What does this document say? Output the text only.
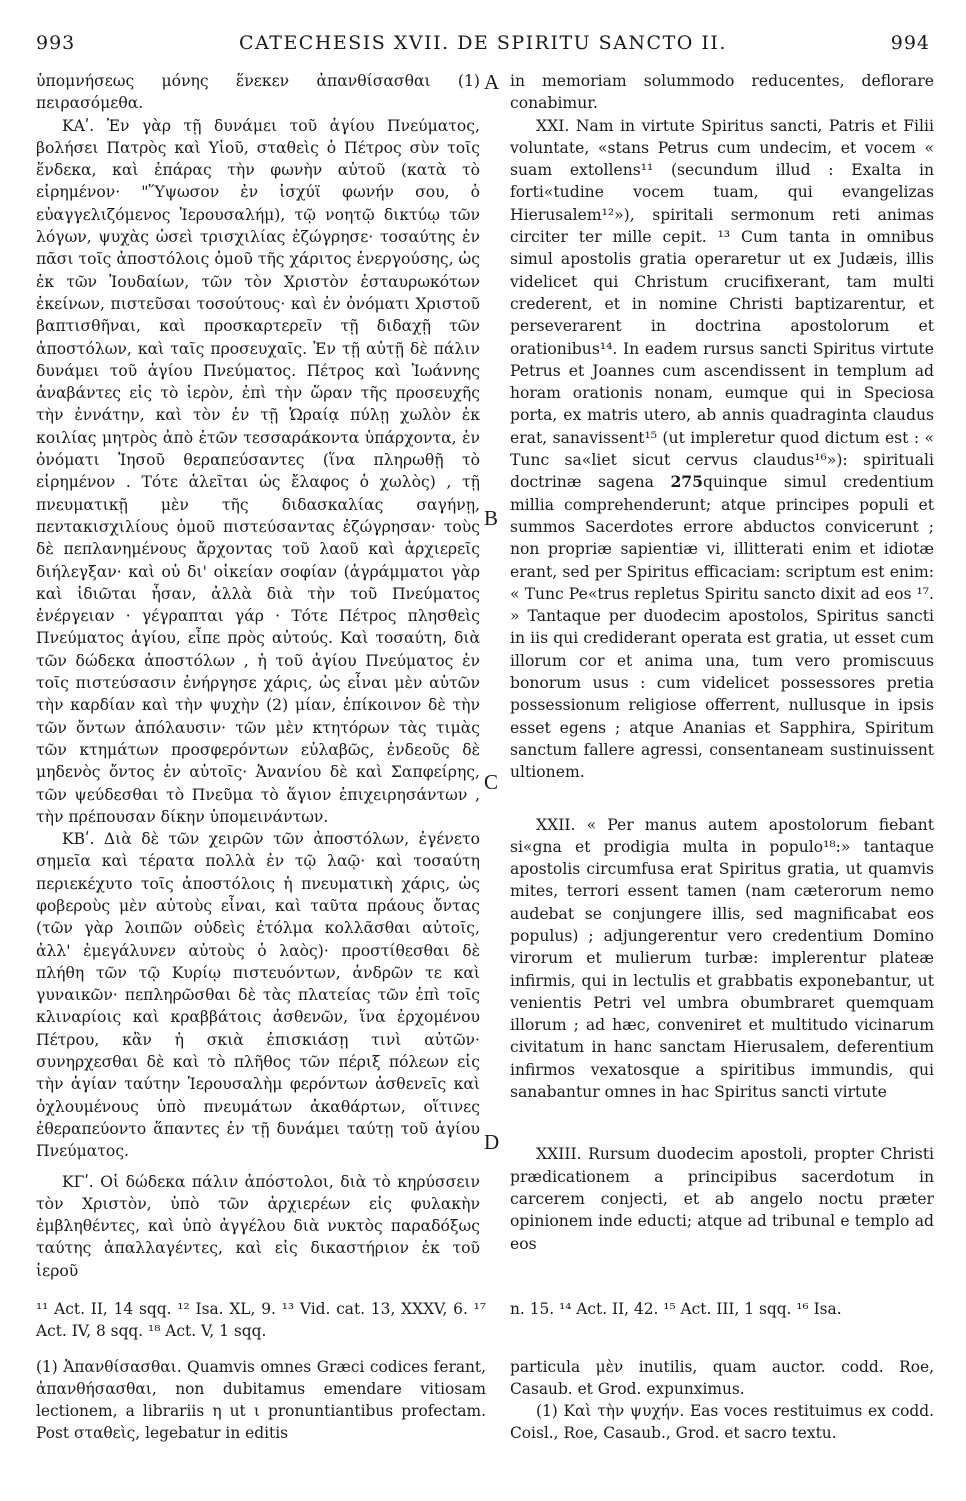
993	CATECHESIS XVII. DE SPIRITU SANCTO II.	994

ὑπομνήσεως μόνης ἕνεκεν ἀπανθίσασθαι (1) πειρασόμεθα.

ΚΑʹ. Ἐν γὰρ τῇ δυνάμει τοῦ ἁγίου Πνεύματος, βολήσει Πατρὸς καὶ Υἱοῦ, σταθεὶς ὁ Πέτρος σὺν τοῖς ἕνδεκα, καὶ ἐπάρας τὴν φωνὴν αὐτοῦ (κατὰ τὸ εἰρημένον· "Ὕψωσον ἐν ἰσχύϊ φωνήν σου, ὁ εὐαγγελιζόμενος Ἱερουσαλήμ), τῷ νοητῷ δικτύῳ τῶν λόγων, ψυχὰς ὡσεὶ τρισχιλίας ἐζώγρησε· τοσαύτης ἐν πᾶσι τοῖς ἀποστόλοις ὁμοῦ τῆς χάριτος ἐνεργούσης, ὡς ἐκ τῶν Ἰουδαίων, τῶν τὸν Χριστὸν ἐσταυρωκότων ἐκείνων, πιστεῦσαι τοσούτους· καὶ ἐν ὀνόματι Χριστοῦ βαπτισθῆναι, καὶ προσκαρτερεῖν τῇ διδαχῇ τῶν ἀποστόλων, καὶ ταῖς προσευχαῖς. Ἐν τῇ αὐτῇ δὲ πάλιν δυνάμει τοῦ ἁγίου Πνεύματος. Πέτρος καὶ Ἰωάννης ἀναβάντες εἰς τὸ ἱερὸν, ἐπὶ τὴν ὥραν τῆς προσευχῆς τὴν ἐννάτην, καὶ τὸν ἐν τῇ Ὡραίᾳ πύλῃ χωλὸν ἐκ κοιλίας μητρὸς ἀπὸ ἐτῶν τεσσαράκοντα ὑπάρχοντα, ἐν ὀνόματι Ἰησοῦ θεραπεύσαντες (ἵνα πληρωθῇ τὸ εἰρημένον . Τότε ἁλεῖται ὡς ἔλαφος ὁ χωλὸς) , τῇ πνευματικῇ μὲν τῆς διδασκαλίας σαγήνῃ, πεντακισχιλίους ὁμοῦ πιστεύσαντας ἐζώγρησαν· τοὺς δὲ πεπλανημένους ἄρχοντας τοῦ λαοῦ καὶ ἀρχιερεῖς διήλεγξαν· καὶ οὐ δι' οἰκείαν σοφίαν (ἀγράμματοι γὰρ καὶ ἰδιῶται ἦσαν, ἀλλὰ διὰ τὴν τοῦ Πνεύματος ἐνέργειαν · γέγραπται γάρ · Τότε Πέτρος πλησθεὶς Πνεύματος ἁγίου, εἶπε πρὸς αὐτούς. Καὶ τοσαύτη, διὰ τῶν δώδεκα ἀποστόλων , ἡ τοῦ ἁγίου Πνεύματος ἐν τοῖς πιστεύσασιν ἐνήργησε χάρις, ὡς εἶναι μὲν αὐτῶν τὴν καρδίαν καὶ τὴν ψυχὴν (2) μίαν, ἐπίκοινον δὲ τὴν τῶν ὄντων ἀπόλαυσιν· τῶν μὲν κτητόρων τὰς τιμὰς τῶν κτημάτων προσφερόντων εὐλαβῶς, ἐνδεοῦς δὲ μηδενὸς ὄντος ἐν αὐτοῖς· Ἀνανίου δὲ καὶ Σαπφείρης, τῶν ψεύδεσθαι τὸ Πνεῦμα τὸ ἅγιον ἐπιχειρησάντων , τὴν πρέπουσαν δίκην ὑπομεινάντων.

ΚΒʹ. Διὰ δὲ τῶν χειρῶν τῶν ἀποστόλων, ἐγένετο σημεῖα καὶ τέρατα πολλὰ ἐν τῷ λαῷ· καὶ τοσαύτη περιεκέχυτο τοῖς ἀποστόλοις ἡ πνευματικὴ χάρις, ὡς φοβεροὺς μὲν αὐτοὺς εἶναι, καὶ ταῦτα πράους ὄντας (τῶν γὰρ λοιπῶν οὐδεὶς ἐτόλμα κολλᾶσθαι αὐτοῖς, ἀλλ' ἐμεγάλυνεν αὐτοὺς ὁ λαὸς)· προστίθεσθαι δὲ πλήθη τῶν τῷ Κυρίῳ πιστευόντων, ἀνδρῶν τε καὶ γυναικῶν· πεπληρῶσθαι δὲ τὰς πλατείας τῶν ἐπὶ τοῖς κλιναρίοις καὶ κραββάτοις ἀσθενῶν, ἵνα ἐρχομένου Πέτρου, κἂν ἡ σκιὰ ἐπισκιάσῃ τινὶ αὐτῶν· συνηρχεσθαι δὲ καὶ τὸ πλῆθος τῶν πέριξ πόλεων εἰς τὴν ἁγίαν ταύτην Ἱερουσαλὴμ φερόντων ἀσθενεῖς καὶ ὀχλουμένους ὑπὸ πνευμάτων ἀκαθάρτων, οἵτινες ἐθεραπεύοντο ἅπαντες ἐν τῇ δυνάμει ταύτῃ τοῦ ἁγίου Πνεύματος.

ΚΓʹ. Οἱ δώδεκα πάλιν ἀπόστολοι, διὰ τὸ κηρύσσειν τὸν Χριστὸν, ὑπὸ τῶν ἀρχιερέων εἰς φυλακὴν ἐμβληθέντες, καὶ ὑπὸ ἀγγέλου διὰ νυκτὸς παραδόξως ταύτης ἀπαλλαγέντες, καὶ εἰς δικαστήριον ἐκ τοῦ ἱεροῦ

A
B
C
D

in memoriam solummodo reducentes, deflorare conabimur.

XXI. Nam in virtute Spiritus sancti, Patris et Filii voluntate, «stans Petrus cum undecim, et vocem « suam extollens¹¹ (secundum illud : Exalta in forti«tudine vocem tuam, qui evangelizas Hierusalem¹²»), spiritali sermonum reti animas circiter ter mille cepit. ¹³ Cum tanta in omnibus simul apostolis gratia operaretur ut ex Judæis, illis videlicet qui Christum crucifixerant, tam multi crederent, et in nomine Christi baptizarentur, et perseverarent in doctrina apostolorum et orationibus¹⁴. In eadem rursus sancti Spiritus virtute Petrus et Joannes cum ascendissent in templum ad horam orationis nonam, eumque qui in Speciosa porta, ex matris utero, ab annis quadraginta claudus erat, sanavissent¹⁵ (ut impleretur quod dictum est : « Tunc sa«liet sicut cervus claudus¹⁶»): spirituali doctrinæ sagena 275quinque simul credentium millia comprehenderunt; atque principes populi et summos Sacerdotes errore abductos convicerunt ; non propriæ sapientiæ vi, illitterati enim et idiotæ erant, sed per Spiritus efficaciam: scriptum est enim: « Tunc Pe«trus repletus Spiritu sancto dixit ad eos ¹⁷. » Tantaque per duodecim apostolos, Spiritus sancti in iis qui crediderant operata est gratia, ut esset cum illorum cor et anima una, tum vero promiscuus bonorum usus : cum videlicet possessores pretia possessionum religiose offerrent, nullusque in ipsis esset egens ; atque Ananias et Sapphira, Spiritum sanctum fallere agressi, consentaneam sustinuissent ultionem.

XXII. « Per manus autem apostolorum fiebant si«gna et prodigia multa in populo¹⁸:» tantaque apostolis circumfusa erat Spiritus gratia, ut quamvis mites, terrori essent tamen (nam cæterorum nemo audebat se conjungere illis, sed magnificabat eos populus) ; adjungerentur vero credentium Domino virorum et mulierum turbæ: implerentur plateæ infirmis, qui in lectulis et grabbatis exponebantur, ut venientis Petri vel umbra obumbraret quemquam illorum ; ad hæc, conveniret et multitudo vicinarum civitatum in hanc sanctam Hierusalem, deferentium infirmos vexatosque a spiritibus immundis, qui sanabantur omnes in hac Spiritus sancti virtute

XXIII. Rursum duodecim apostoli, propter Christi prædicationem a principibus sacerdotum in carcerem conjecti, et ab angelo noctu præter opinionem inde educti; atque ad tribunal e templo ad eos

¹¹ Act. II, 14 sqq. ¹² Isa. XL, 9. ¹³ Vid. cat. 13, XXXV, 6. ¹⁷ Act. IV, 8 sqq. ¹⁸ Act. V, 1 sqq.
n. 15. ¹⁴ Act. II, 42. ¹⁵ Act. III, 1 sqq. ¹⁶ Isa.

(1) Ἀπανθίσασθαι. Quamvis omnes Græci codices ferant, ἀπανθήσασθαι, non dubitamus emendare vitiosam lectionem, a librariis η ut ι pronuntiantibus profectam. Post σταθεὶς, legebatur in editis

particula μὲν inutilis, quam auctor. codd. Roe, Casaub. et Grod. expunximus.

(1) Καὶ τὴν ψυχήν. Eas voces restituimus ex codd. Coisl., Roe, Casaub., Grod. et sacro textu.
